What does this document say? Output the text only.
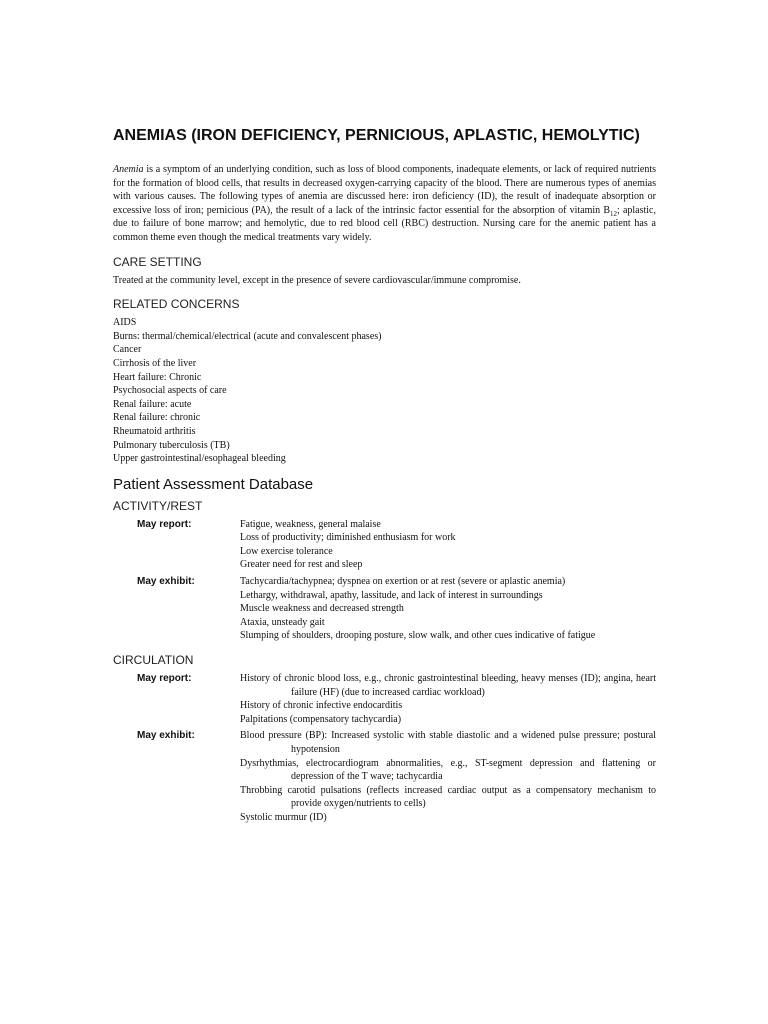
ANEMIAS (IRON DEFICIENCY, PERNICIOUS, APLASTIC, HEMOLYTIC)

Anemia is a symptom of an underlying condition, such as loss of blood components, inadequate elements, or lack of required nutrients for the formation of blood cells, that results in decreased oxygen-carrying capacity of the blood. There are numerous types of anemias with various causes. The following types of anemia are discussed here: iron deficiency (ID), the result of inadequate absorption or excessive loss of iron; pernicious (PA), the result of a lack of the intrinsic factor essential for the absorption of vitamin $B_{12}$; aplastic, due to failure of bone marrow; and hemolytic, due to red blood cell (RBC) destruction. Nursing care for the anemic patient has a common theme even though the medical treatments vary widely.

CARE SETTING

Treated at the community level, except in the presence of severe cardiovascular/immune compromise.

RELATED CONCERNS
AIDS
Burns: thermal/chemical/electrical (acute and convalescent phases)
Cancer
Cirrhosis of the liver
Heart failure: Chronic
Psychosocial aspects of care
Renal failure: acute
Renal failure: chronic
Rheumatoid arthritis
Pulmonary tuberculosis (TB)
Upper gastrointestinal/esophageal bleeding
Patient Assessment Database
ACTIVITY/REST
May report:	Fatigue, weakness, general malaise
Loss of productivity; diminished enthusiasm for work
Low exercise tolerance
Greater need for rest and sleep
May exhibit:	Tachycardia/tachypnea; dyspnea on exertion or at rest (severe or aplastic anemia)
Lethargy, withdrawal, apathy, lassitude, and lack of interest in surroundings
Muscle weakness and decreased strength
Ataxia, unsteady gait
Slumping of shoulders, drooping posture, slow walk, and other cues indicative of fatigue
CIRCULATION
May report:	History of chronic blood loss, e.g., chronic gastrointestinal bleeding, heavy menses (ID); angina, heart failure (HF) (due to increased cardiac workload)
History of chronic infective endocarditis
Palpitations (compensatory tachycardia)
May exhibit:	Blood pressure (BP): Increased systolic with stable diastolic and a widened pulse pressure; postural hypotension
Dysrhythmias, electrocardiogram abnormalities, e.g., ST-segment depression and flattening or depression of the T wave; tachycardia
Throbbing carotid pulsations (reflects increased cardiac output as a compensatory mechanism to provide oxygen/nutrients to cells)
Systolic murmur (ID)
